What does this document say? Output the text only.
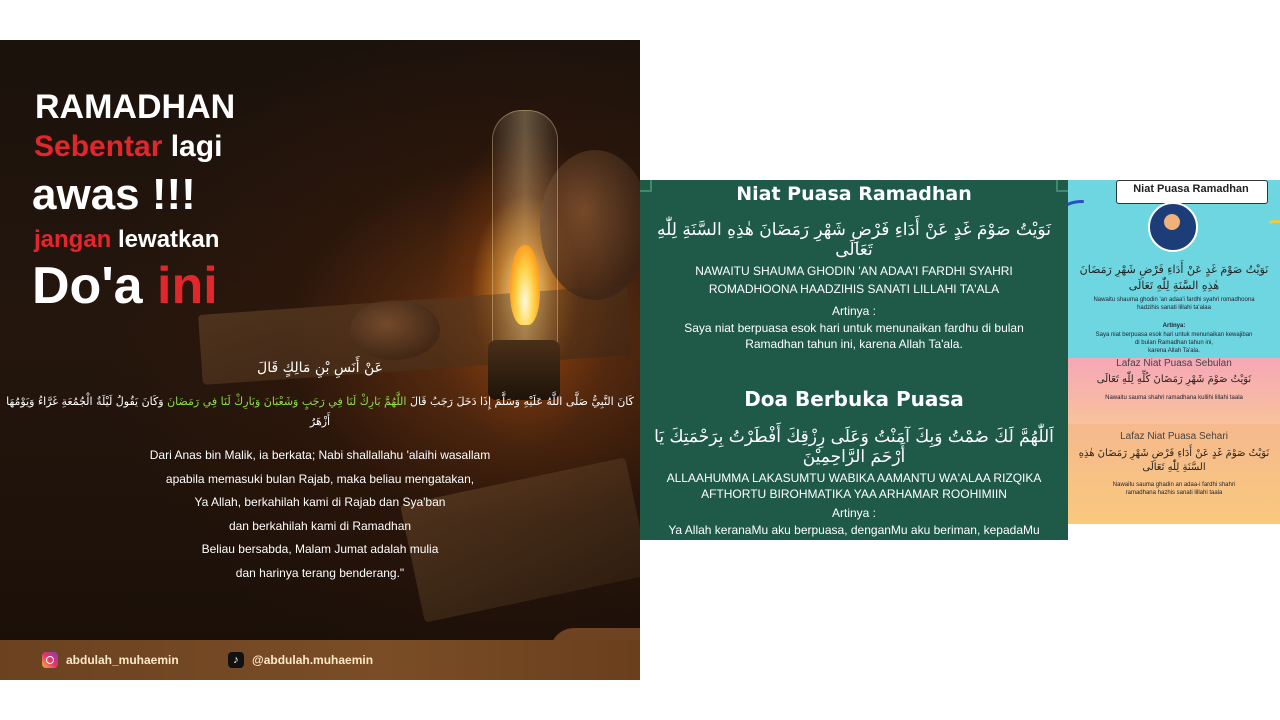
RAMADHAN

Sebentar lagi

awas !!!

jangan lewatkan

Do'a ini

عَنْ أَنَسِ بْنِ مَالِكٍ قَالَ
كَانَ النَّبِيُّ صَلَّى اللَّهُ عَلَيْهِ وَسَلَّمَ إِذَا دَخَلَ رَجَبُ قَالَ اللَّهُمَّ بَارِكْ لَنَا فِي رَجَبٍ وَشَعْبَانَ وَبَارِكْ لَنَا فِي رَمَضَانَ وَكَانَ يَقُولُ لَيْلَةُ الْجُمُعَةِ غَرَّاءُ وَيَوْمُهَا أَزْهَرُ
Dari Anas bin Malik, ia berkata; Nabi shallallahu 'alaihi wasallam
apabila memasuki bulan Rajab, maka beliau mengatakan,
Ya Allah, berkahilah kami di Rajab dan Sya'ban
dan berkahilah kami di Ramadhan
Beliau bersabda, Malam Jumat adalah mulia
dan harinya terang benderang."
abdulah_muhaemin	♪	@abdulah.muhaemin
Niat Puasa Ramadhan
نَوَيْتُ صَوْمَ غَدٍ عَنْ أَدَاءِ فَرْضِ شَهْرِ رَمَضَانَ هٰذِهِ السَّنَةِ لِلّٰهِ تَعَالَى

NAWAITU SHAUMA GHODIN 'AN ADAA'I FARDHI SYAHRI

ROMADHOONA HAADZIHIS SANATI LILLAHI TA'ALA

Artinya :

Saya niat berpuasa esok hari untuk menunaikan fardhu di bulan

Ramadhan tahun ini, karena Allah Ta'ala.

Doa Berbuka Puasa
اَللّٰهُمَّ لَكَ صُمْتُ وَبِكَ آمَنْتُ وَعَلَى رِزْقِكَ أَفْطَرْتُ بِرَحْمَتِكَ يَا أَرْحَمَ الرَّاحِمِيْنَ

ALLAAHUMMA LAKASUMTU WABIKA AAMANTU WA'ALAA RIZQIKA

AFTHORTU BIROHMATIKA YAA ARHAMAR ROOHIMIIN

Artinya :

Ya Allah keranaMu aku berpuasa, denganMu aku beriman, kepadaMu

Niat Puasa Ramadhan
نَوَيْتُ صَوْمَ غَدٍ عَنْ أَدَاءِ فَرْضِ شَهْرِ رَمَضَانَ هٰذِهِ السَّنَةِ لِلّٰهِ تَعَالَى

Nawaitu shauma ghodin 'an adaa'i fardhi syahri romadhoona

hadzihis sanati lillahi ta'alaa

Artinya:

Saya niat berpuasa esok hari untuk menunaikan kewajiban

di bulan Ramadhan tahun ini,

karena Allah Ta'ala.

Lafaz Niat Puasa Sebulan

نَوَيْتُ صَوْمَ شَهْرِ رَمَضَانَ كُلِّهِ لِلّٰهِ تَعَالَى

Nawaitu sauma shahri ramadhana kullihi lillahi taala

Lafaz Niat Puasa Sehari

نَوَيْتُ صَوْمَ غَدٍ عَنْ أَدَاءِ فَرْضِ شَهْرِ رَمَضَانَ هٰذِهِ السَّنَةِ لِلّٰهِ تَعَالَى

Nawaitu sauma ghadin an adaa-i fardhi shahri

ramadhana hazhis sanati lillahi taala
